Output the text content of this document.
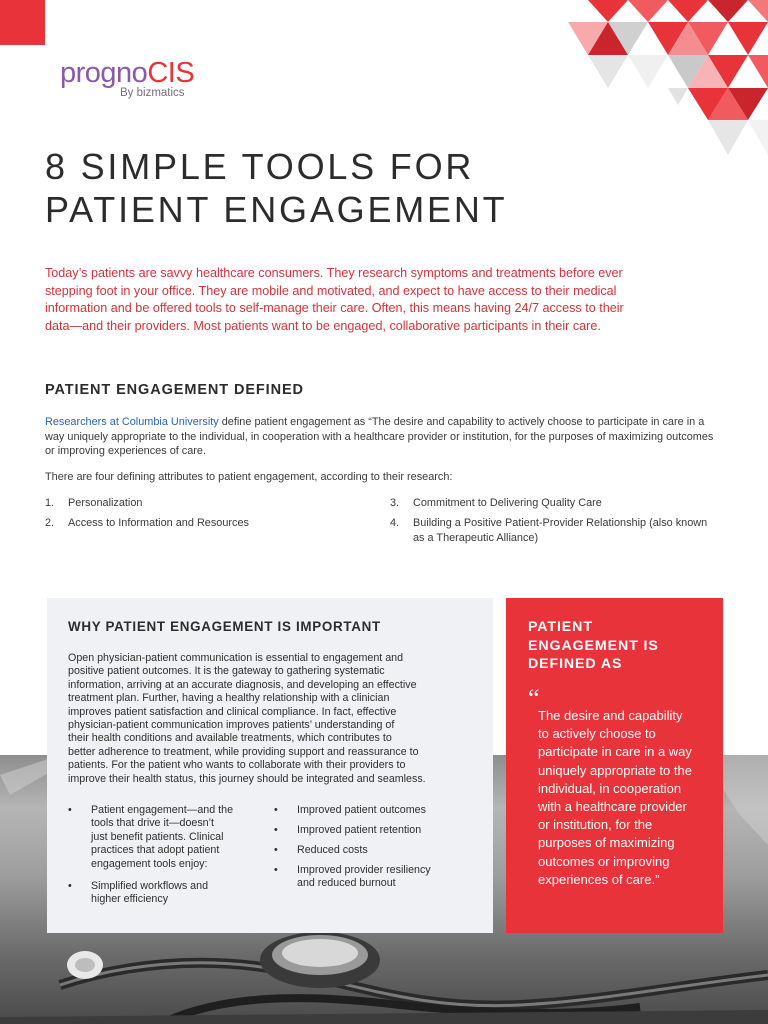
prognoCIS
By bizmatics
8 SIMPLE TOOLS FOR
PATIENT ENGAGEMENT

Today’s patients are savvy healthcare consumers. They research symptoms and treatments before ever stepping foot in your office. They are mobile and motivated, and expect to have access to their medical information and be offered tools to self-manage their care. Often, this means having 24/7 access to their data—and their providers. Most patients want to be engaged, collaborative participants in their care.

PATIENT ENGAGEMENT DEFINED

Researchers at Columbia University define patient engagement as “The desire and capability to actively choose to participate in care in a way uniquely appropriate to the individual, in cooperation with a healthcare provider or institution, for the purposes of maximizing outcomes or improving experiences of care.

There are four defining attributes to patient engagement, according to their research:

1. Personalization
2. Access to Information and Resources
3. Commitment to Delivering Quality Care
4. Building a Positive Patient-Provider Relationship (also known
as a Therapeutic Alliance)
WHY PATIENT ENGAGEMENT IS IMPORTANT
Open physician-patient communication is essential to engagement and
positive patient outcomes. It is the gateway to gathering systematic
information, arriving at an accurate diagnosis, and developing an effective
treatment plan. Further, having a healthy relationship with a clinician
improves patient satisfaction and clinical compliance. In fact, effective
physician-patient communication improves patients’ understanding of
their health conditions and available treatments, which contributes to
better adherence to treatment, while providing support and reassurance to
patients. For the patient who wants to collaborate with their providers to
improve their health status, this journey should be integrated and seamless.
• Patient engagement—and the
tools that drive it—doesn’t
just benefit patients. Clinical
practices that adopt patient
engagement tools enjoy:
• Simplified workflows and
higher efficiency
• Improved patient outcomes
• Improved patient retention
• Reduced costs
• Improved provider resiliency
and reduced burnout
PATIENT
ENGAGEMENT IS
DEFINED AS
“
The desire and capability
to actively choose to
participate in care in a way
uniquely appropriate to the
individual, in cooperation
with a healthcare provider
or institution, for the
purposes of maximizing
outcomes or improving
experiences of care.”
